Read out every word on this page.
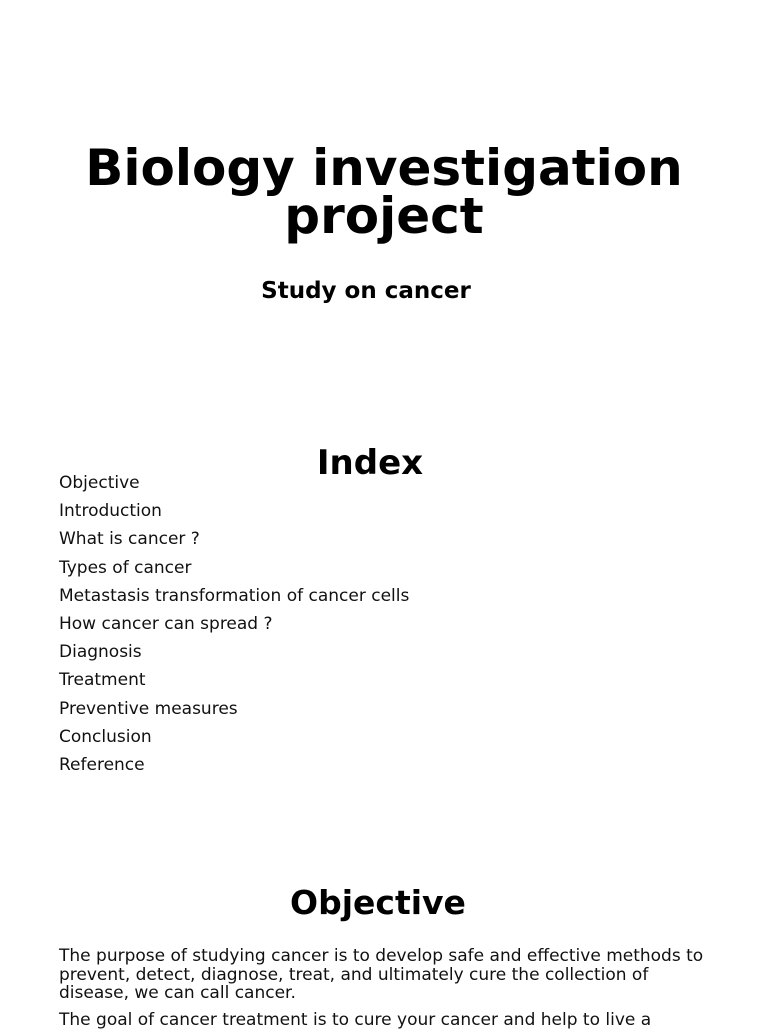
Biology investigation project
Study on cancer
Index
Objective
Introduction
What is cancer ?
Types of cancer
Metastasis transformation of cancer cells
How cancer can spread ?
Diagnosis
Treatment
Preventive measures
Conclusion
Reference
Objective

The purpose of studying cancer is to develop safe and effective methods to prevent, detect, diagnose, treat, and ultimately cure the collection of disease, we can call cancer.

The goal of cancer treatment is to cure your cancer and help to live a
